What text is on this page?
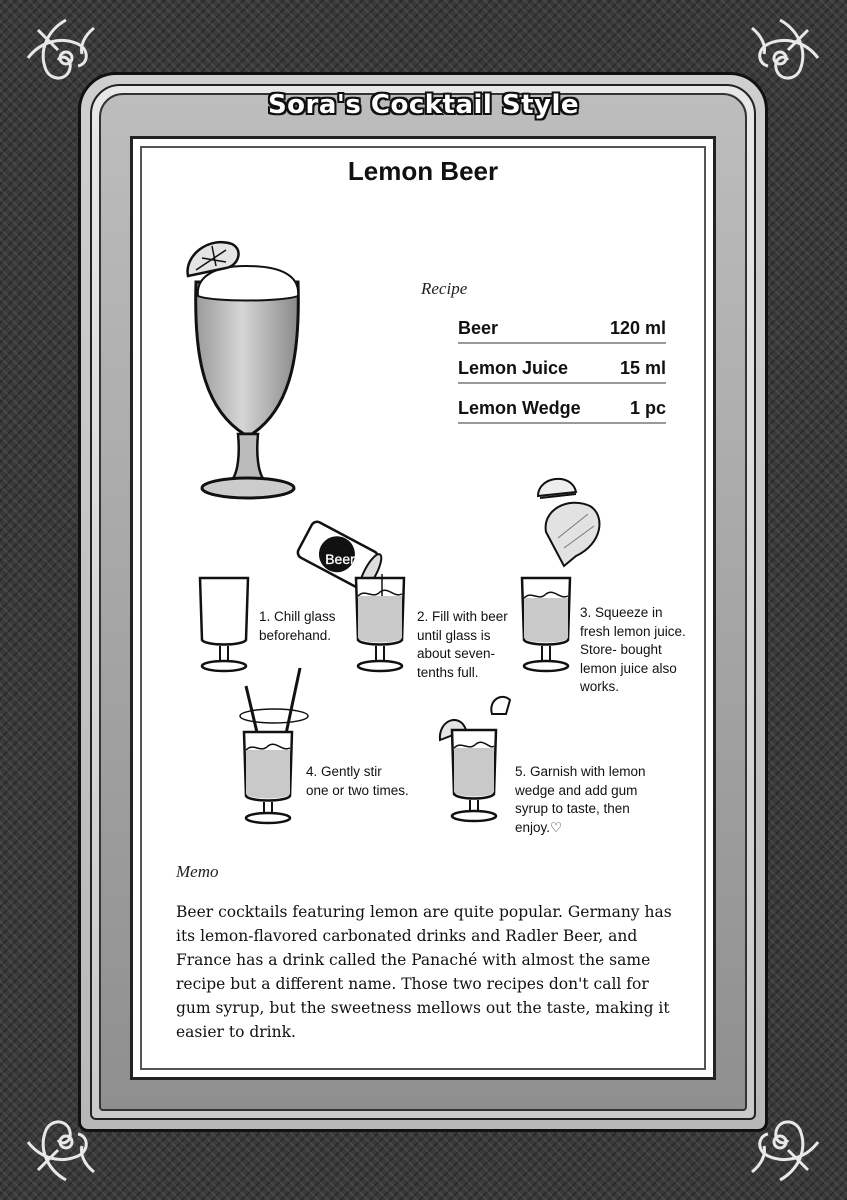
Sora's Cocktail Style
Lemon Beer
Recipe
Beer	120 ml
Lemon Juice	15 ml
Lemon Wedge	1 pc
Beer
1. Chill glass
beforehand.
2. Fill with beer
until glass is
about seven-
tenths full.
3. Squeeze in
fresh lemon juice.
Store- bought
lemon juice also
works.
4. Gently stir
one or two times.
5. Garnish with lemon
wedge and add gum
syrup to taste, then
enjoy.♡
Memo
Beer cocktails featuring lemon are quite popular. Germany has its lemon-flavored carbonated drinks and Radler Beer, and France has a drink called the Panaché with almost the same recipe but a different name. Those two recipes don't call for gum syrup, but the sweetness mellows out the taste, making it easier to drink.
